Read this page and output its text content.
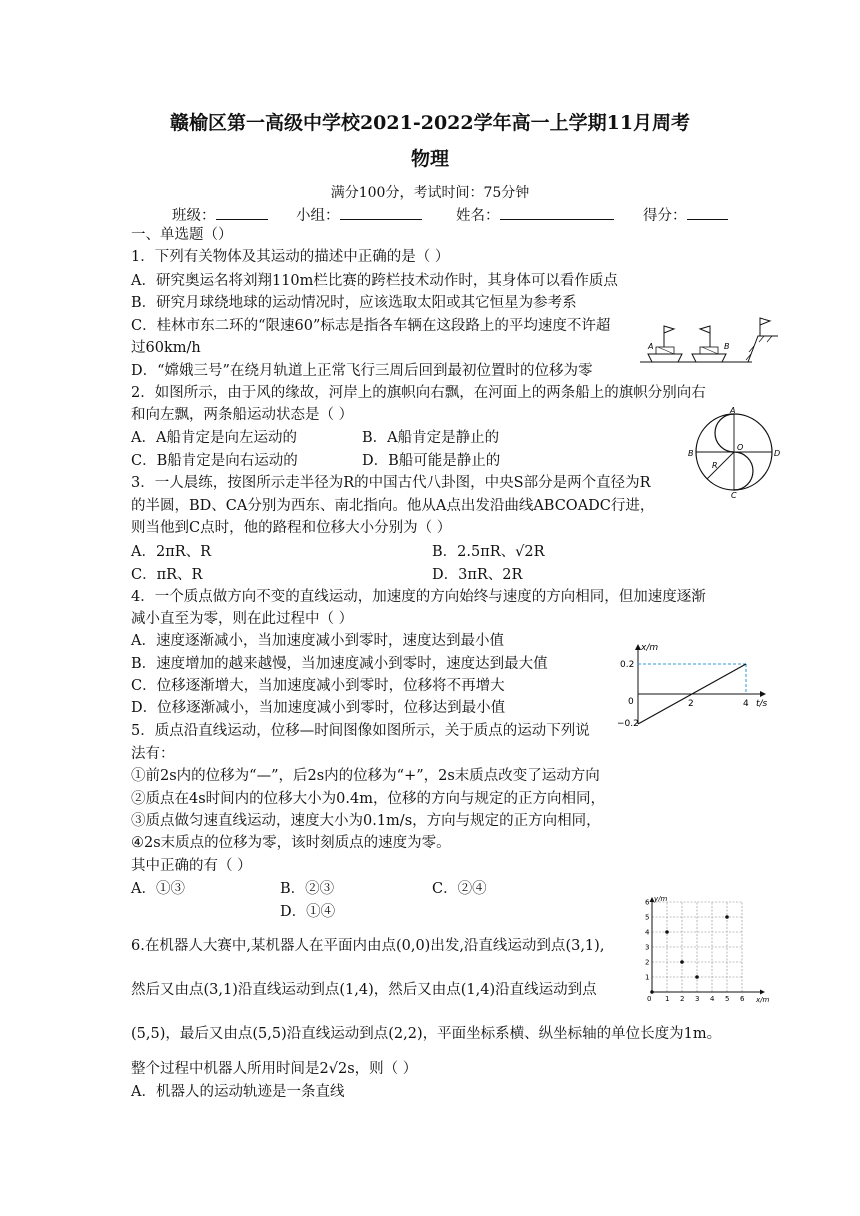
赣榆区第一高级中学校2021-2022学年高一上学期11月周考
物理
满分100分，考试时间：75分钟
班级：	小组：	姓名：	得分：
一、单选题（）
1．下列有关物体及其运动的描述中正确的是（ ）
A．研究奥运名将刘翔110m栏比赛的跨栏技术动作时，其身体可以看作质点
B．研究月球绕地球的运动情况时，应该选取太阳或其它恒星为参考系
C．桂林市东二环的“限速60”标志是指各车辆在这段路上的平均速度不许超
过60km/h
D．“嫦娥三号”在绕月轨道上正常飞行三周后回到最初位置时的位移为零
A	B
2．如图所示，由于风的缘故，河岸上的旗帜向右飘，在河面上的两条船上的旗帜分别向右
和向左飘，两条船运动状态是（ ）
A．A船肯定是向左运动的	B．A船肯定是静止的
C．B船肯定是向右运动的	D．B船可能是静止的
A
B
C
D
O
R
3．一人晨练，按图所示走半径为R的中国古代八卦图，中央S部分是两个直径为R
的半圆，BD、CA分别为西东、南北指向。他从A点出发沿曲线ABCOADC行进，
则当他到C点时，他的路程和位移大小分别为（ ）
A．2πR、R	B．2.5πR、√2R
C．πR、R	D．3πR、2R
4．一个质点做方向不变的直线运动，加速度的方向始终与速度的方向相同，但加速度逐渐
减小直至为零，则在此过程中（ ）
A．速度逐渐减小，当加速度减小到零时，速度达到最小值
B．速度增加的越来越慢，当加速度减小到零时，速度达到最大值
C．位移逐渐增大，当加速度减小到零时，位移将不再增大
D．位移逐渐减小，当加速度减小到零时，位移达到最小值
x/m
t/s
0.2
−0.2
0	2	4
5．质点沿直线运动，位移—时间图像如图所示，关于质点的运动下列说
法有：
①前2s内的位移为“—”，后2s内的位移为“+”，2s末质点改变了运动方向
②质点在4s时间内的位移大小为0.4m，位移的方向与规定的正方向相同，
③质点做匀速直线运动，速度大小为0.1m/s，方向与规定的正方向相同，
④2s末质点的位移为零，该时刻质点的速度为零。
其中正确的有（ ）
A．①③	B．②③	C．②④
D．①④
y/m
x/m
0
1
2
3
4
5
6
1 2 3 4 5 6
6.在机器人大赛中,某机器人在平面内由点(0,0)出发,沿直线运动到点(3,1),
然后又由点(3,1)沿直线运动到点(1,4)，然后又由点(1,4)沿直线运动到点
(5,5)，最后又由点(5,5)沿直线运动到点(2,2)，平面坐标系横、纵坐标轴的单位长度为1m。
整个过程中机器人所用时间是2√2s，则（ ）
A．机器人的运动轨迹是一条直线
